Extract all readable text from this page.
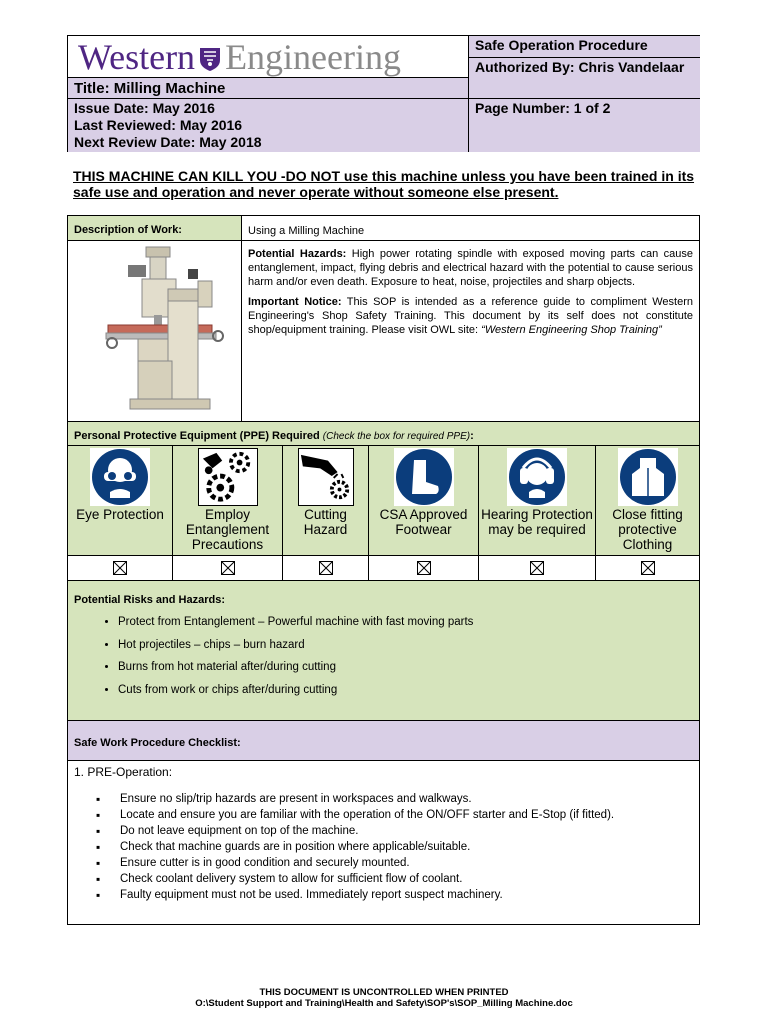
Western Engineering
Title: Milling Machine
Issue Date: May 2016
Last Reviewed: May 2016
Next Review Date: May 2018
Safe Operation Procedure
Authorized By: Chris Vandelaar
Page Number: 1 of 2
THIS MACHINE CAN KILL YOU -DO NOT use this machine unless you have been trained in its safe use and operation and never operate without someone else present.
Description of Work:	Using a Milling Machine

Potential Hazards: High power rotating spindle with exposed moving parts can cause entanglement, impact, flying debris and electrical hazard with the potential to cause serious harm and/or even death. Exposure to heat, noise, projectiles and sharp objects.

Important Notice: This SOP is intended as a reference guide to compliment Western Engineering's Shop Safety Training. This document by its self does not constitute shop/equipment training. Please visit OWL site: “Western Engineering Shop Training”

Personal Protective Equipment (PPE) Required (Check the box for required PPE):
Eye Protection	Employ Entanglement Precautions
Cutting Hazard
CSA Approved Footwear
Hearing Protection may be required
Close fitting protective Clothing
Potential Risks and Hazards:
• Protect from Entanglement – Powerful machine with fast moving parts
• Hot projectiles – chips – burn hazard
• Burns from hot material after/during cutting
• Cuts from work or chips after/during cutting
Safe Work Procedure Checklist:
1. PRE-Operation:
▪ Ensure no slip/trip hazards are present in workspaces and walkways.
▪ Locate and ensure you are familiar with the operation of the ON/OFF starter and E-Stop (if fitted).
▪ Do not leave equipment on top of the machine.
▪ Check that machine guards are in position where applicable/suitable.
▪ Ensure cutter is in good condition and securely mounted.
▪ Check coolant delivery system to allow for sufficient flow of coolant.
▪ Faulty equipment must not be used. Immediately report suspect machinery.
THIS DOCUMENT IS UNCONTROLLED WHEN PRINTED
O:\Student Support and Training\Health and Safety\SOP's\SOP_Milling Machine.doc
